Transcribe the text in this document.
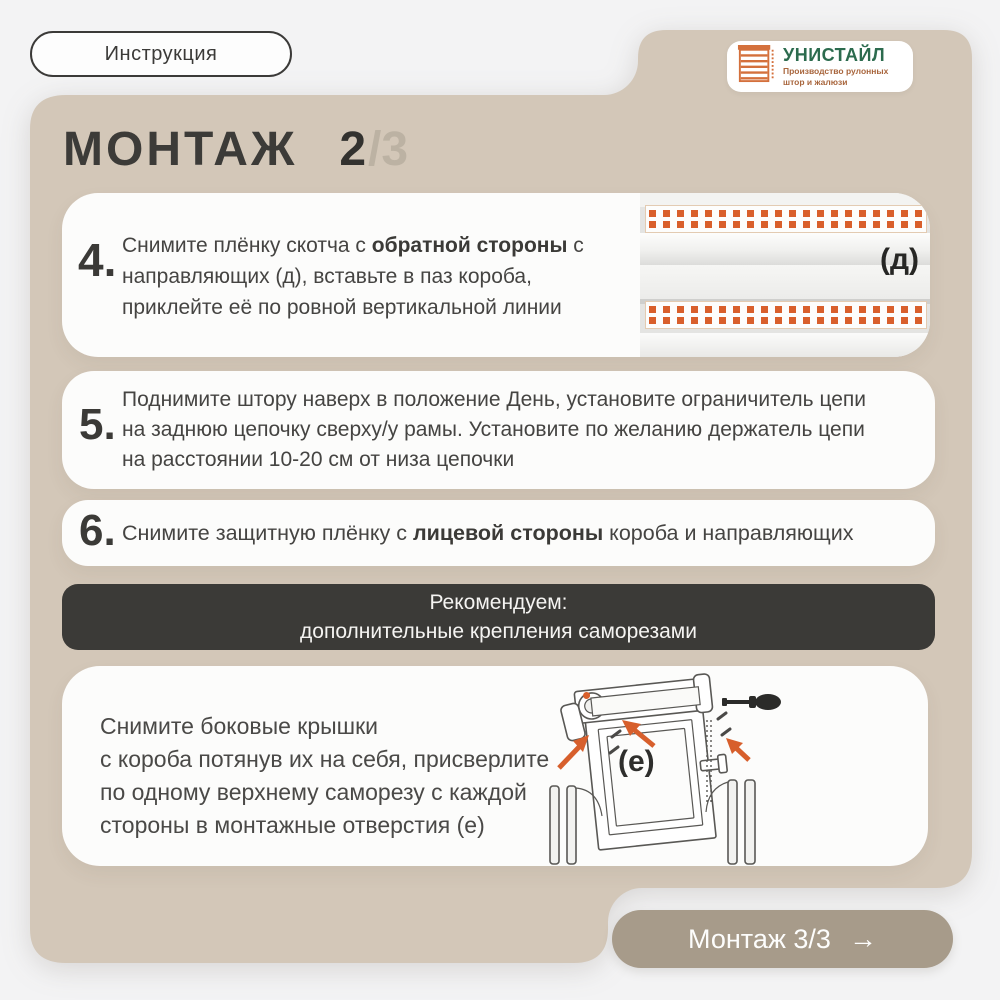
Инструкция	УНИСТАЙЛ
Производство рулонных
штор и жалюзи
МОНТАЖ 2 / 3
4. Снимите плёнку скотча с обратной стороны с
направляющих (д), вставьте в паз короба,
приклейте её по ровной вертикальной линии
(д)
5.
Поднимите штору наверх в положение День, установите ограничитель цепи
на заднюю цепочку сверху/у рамы. Установите по желанию держатель цепи
на расстоянии 10-20 см от низа цепочки
6. Снимите защитную плёнку с лицевой стороны короба и направляющих
Рекомендуем:
дополнительные крепления саморезами
Снимите боковые крышки
с короба потянув их на себя, присверлите
по одному верхнему саморезу с каждой
стороны в монтажные отверстия (е)
(е)
Монтаж 3/3 →
